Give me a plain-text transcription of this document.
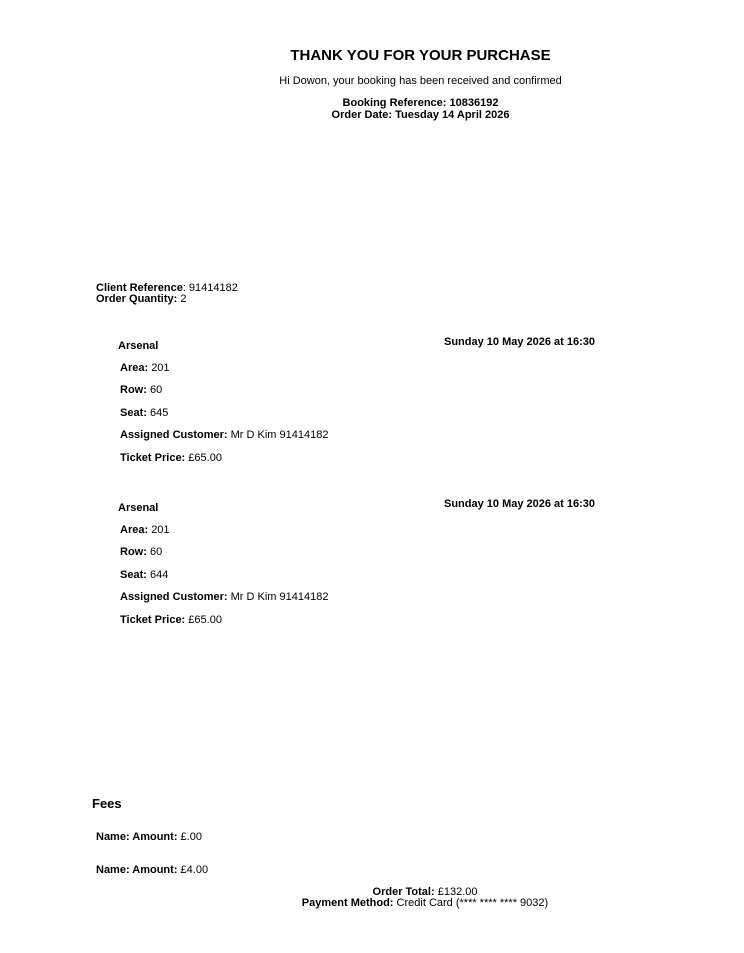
THANK YOU FOR YOUR PURCHASE
Hi Dowon, your booking has been received and confirmed
Booking Reference: 10836192
Order Date: Tuesday 14 April 2026
Client Reference: 91414182
Order Quantity: 2
Arsenal	Sunday 10 May 2026 at 16:30
Area: 201
Row: 60
Seat: 645
Assigned Customer: Mr D Kim 91414182
Ticket Price: £65.00
Arsenal	Sunday 10 May 2026 at 16:30
Area: 201
Row: 60
Seat: 644
Assigned Customer: Mr D Kim 91414182
Ticket Price: £65.00
Fees
Name: Amount: £.00
Name: Amount: £4.00
Order Total: £132.00
Payment Method: Credit Card (**** **** **** 9032)
